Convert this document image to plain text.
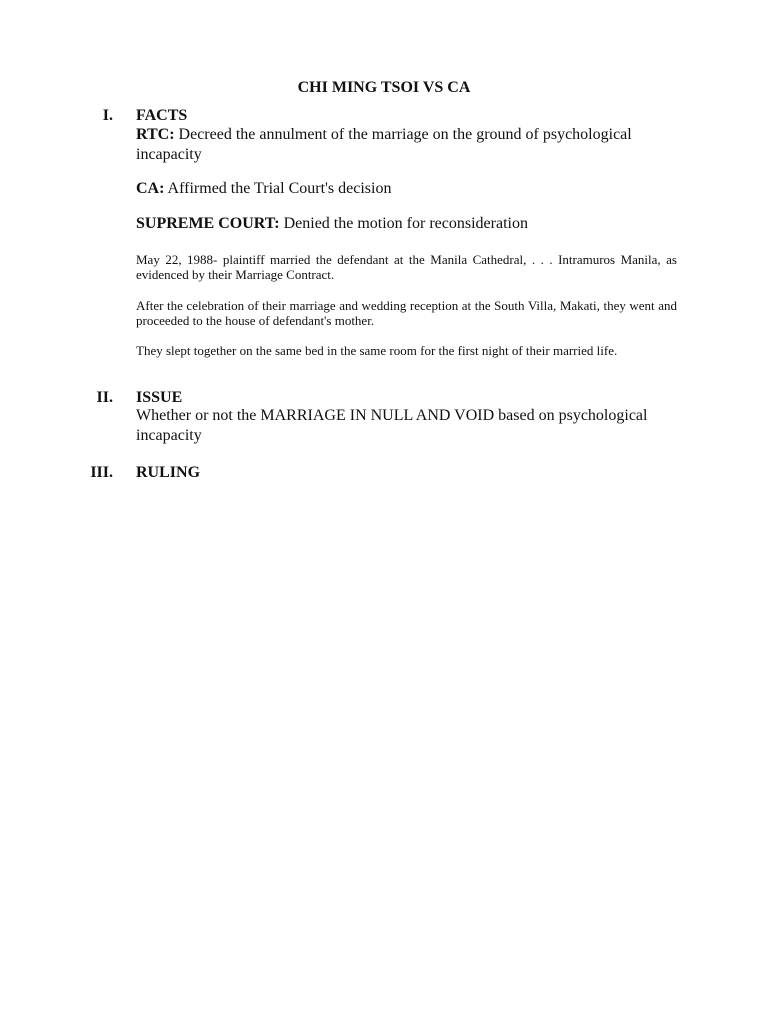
CHI MING TSOI VS CA
I. FACTS
RTC: Decreed the annulment of the marriage on the ground of psychological incapacity
CA: Affirmed the Trial Court's decision
SUPREME COURT: Denied the motion for reconsideration
May 22, 1988- plaintiff married the defendant at the Manila Cathedral, . . . Intramuros Manila, as evidenced by their Marriage Contract.
After the celebration of their marriage and wedding reception at the South Villa, Makati, they went and proceeded to the house of defendant's mother.
They slept together on the same bed in the same room for the first night of their married life.
II. ISSUE
Whether or not the MARRIAGE IN NULL AND VOID based on psychological incapacity
III. RULING
